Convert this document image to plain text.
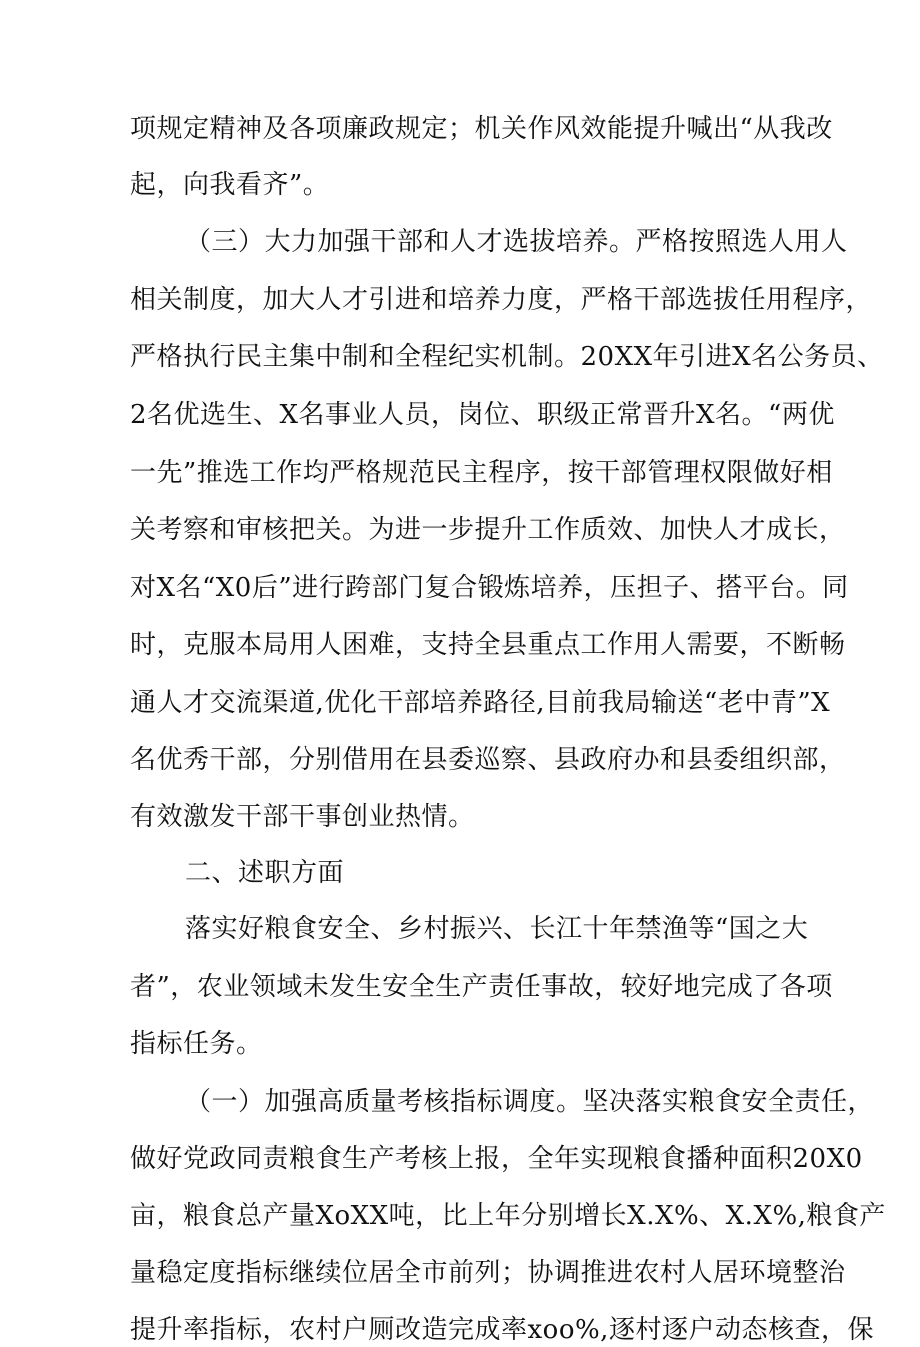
项规定精神及各项廉政规定；机关作风效能提升喊出“从我改
起，向我看齐”。
（三）大力加强干部和人才选拔培养。严格按照选人用人
相关制度，加大人才引进和培养力度，严格干部选拔任用程序，
严格执行民主集中制和全程纪实机制。20XX年引进X名公务员、
2名优选生、X名事业人员，岗位、职级正常晋升X名。“两优
一先”推选工作均严格规范民主程序，按干部管理权限做好相
关考察和审核把关。为进一步提升工作质效、加快人才成长，
对X名“X0后”进行跨部门复合锻炼培养，压担子、搭平台。同
时，克服本局用人困难，支持全县重点工作用人需要，不断畅
通人才交流渠道,优化干部培养路径,目前我局输送“老中青”X
名优秀干部，分别借用在县委巡察、县政府办和县委组织部，
有效激发干部干事创业热情。
二、述职方面
落实好粮食安全、乡村振兴、长江十年禁渔等“国之大
者”，农业领域未发生安全生产责任事故，较好地完成了各项
指标任务。
（一）加强高质量考核指标调度。坚决落实粮食安全责任，
做好党政同责粮食生产考核上报，全年实现粮食播种面积20X0
亩，粮食总产量XoXX吨，比上年分别增长X.X%、X.X%,粮食产
量稳定度指标继续位居全市前列；协调推进农村人居环境整治
提升率指标，农村户厕改造完成率xoo%,逐村逐户动态核查，保
